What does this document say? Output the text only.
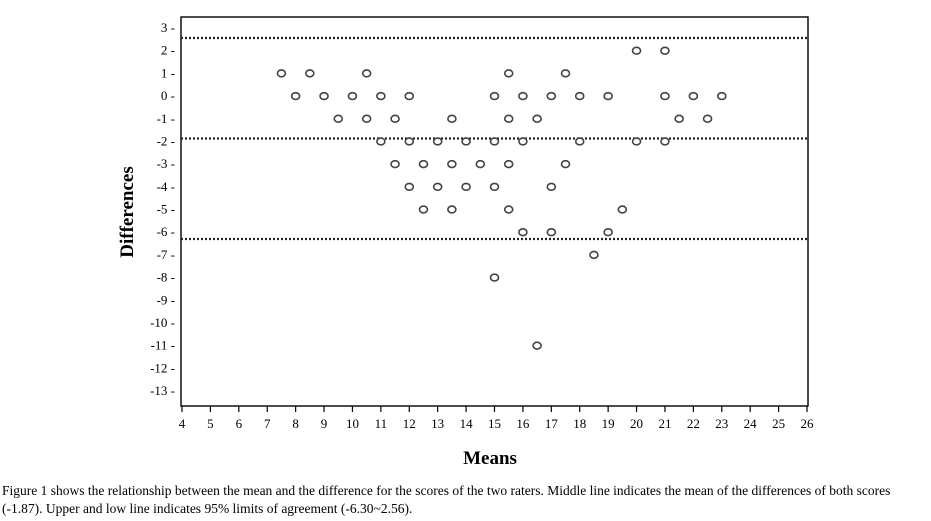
4 5 6 7 8 9 10 11 12 13 14 15 16 17 18 19 20 21 22 23 24 25 26
3 -
2 -
1 -
0 -
-1 -
-2 -
-3 -
-4 -
-5 -
-6 -
-7 -
-8 -
-9 -
-10 -
-11 -
-12 -
-13 -
Means
Differences
Figure 1 shows the relationship between the mean and the difference for the scores of the two raters. Middle line indicates the mean of the differences of both scores (-1.87). Upper and low line indicates 95% limits of agreement (-6.30~2.56).
